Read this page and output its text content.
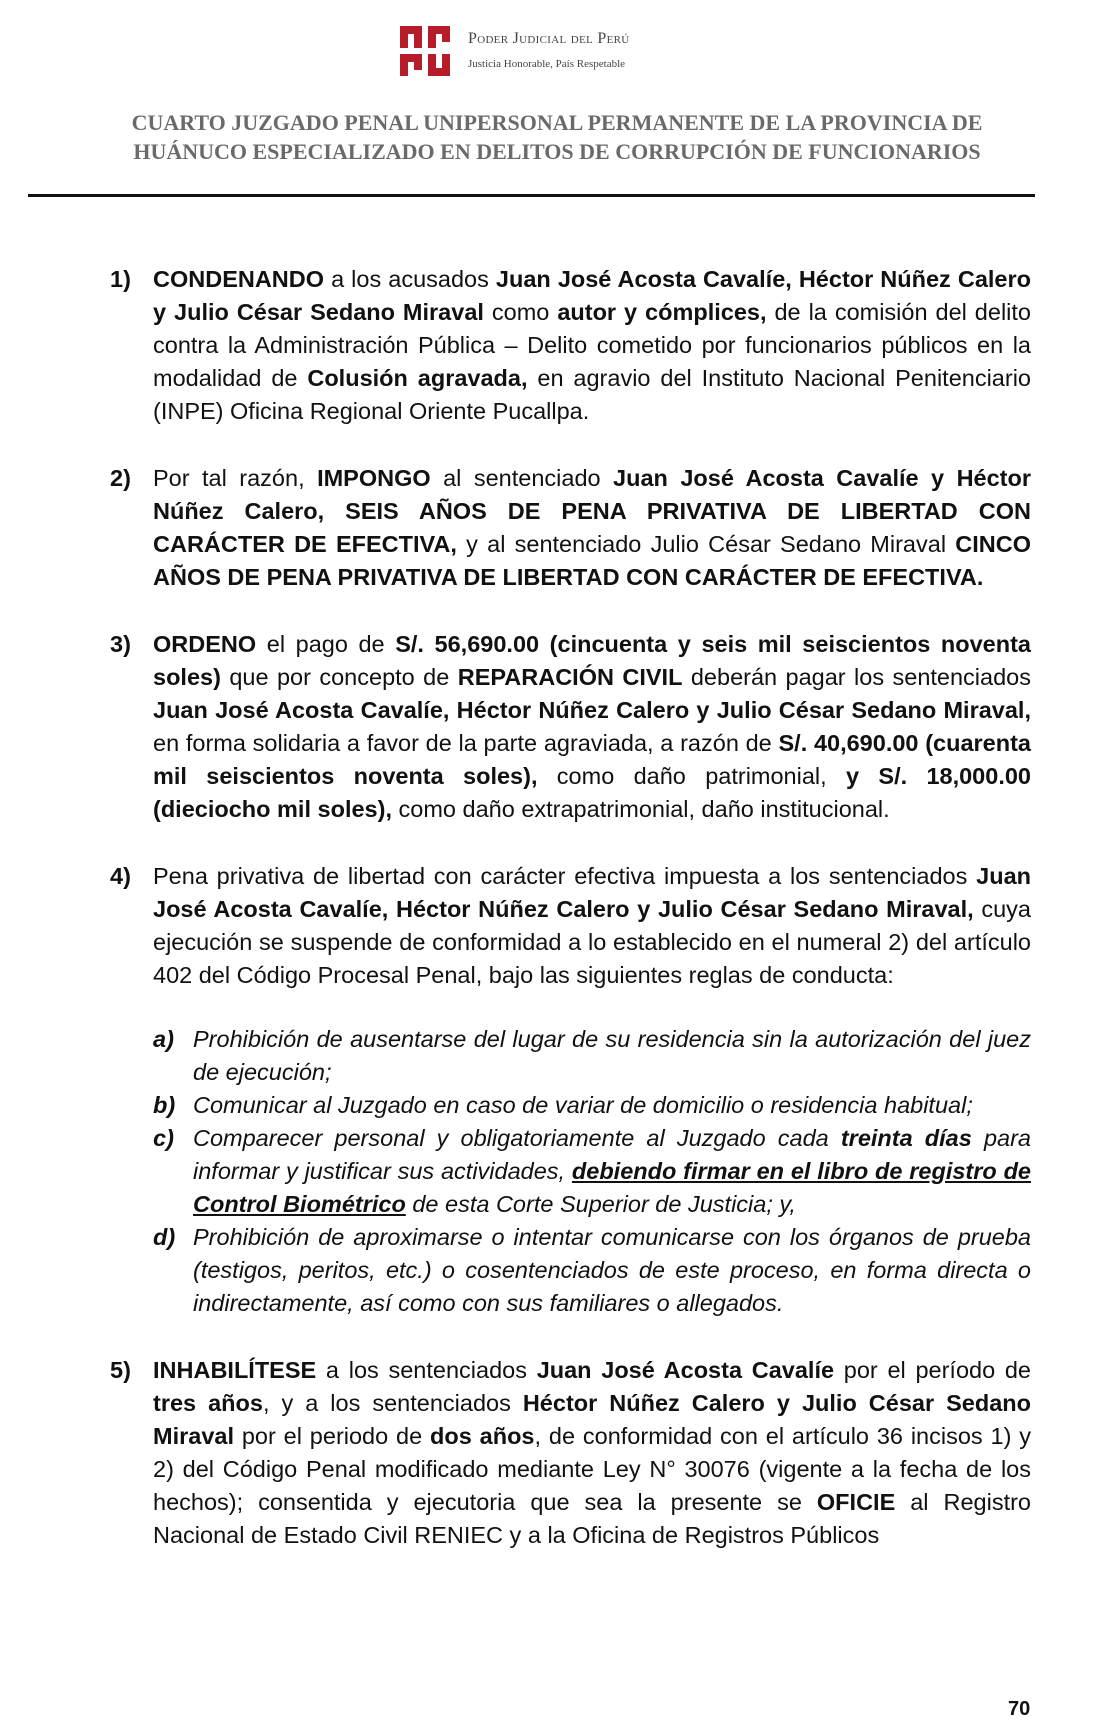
Poder Judicial del Perú
Justicia Honorable, País Respetable
CUARTO JUZGADO PENAL UNIPERSONAL PERMANENTE DE LA PROVINCIA DE
HUÁNUCO ESPECIALIZADO EN DELITOS DE CORRUPCIÓN DE FUNCIONARIOS
1) CONDENANDO a los acusados Juan José Acosta Cavalíe, Héctor Núñez Calero y Julio César Sedano Miraval como autor y cómplices, de la comisión del delito contra la Administración Pública – Delito cometido por funcionarios públicos en la modalidad de Colusión agravada, en agravio del Instituto Nacional Penitenciario (INPE) Oficina Regional Oriente Pucallpa.

2) Por tal razón, IMPONGO al sentenciado Juan José Acosta Cavalíe y Héctor Núñez Calero, SEIS AÑOS DE PENA PRIVATIVA DE LIBERTAD CON CARÁCTER DE EFECTIVA, y al sentenciado Julio César Sedano Miraval CINCO AÑOS DE PENA PRIVATIVA DE LIBERTAD CON CARÁCTER DE EFECTIVA.

3) ORDENO el pago de S/. 56,690.00 (cincuenta y seis mil seiscientos noventa soles) que por concepto de REPARACIÓN CIVIL deberán pagar los sentenciados Juan José Acosta Cavalíe, Héctor Núñez Calero y Julio César Sedano Miraval, en forma solidaria a favor de la parte agraviada, a razón de S/. 40,690.00 (cuarenta mil seiscientos noventa soles), como daño patrimonial, y S/. 18,000.00 (dieciocho mil soles), como daño extrapatrimonial, daño institucional.

4) Pena privativa de libertad con carácter efectiva impuesta a los sentenciados Juan José Acosta Cavalíe, Héctor Núñez Calero y Julio César Sedano Miraval, cuya ejecución se suspende de conformidad a lo establecido en el numeral 2) del artículo 402 del Código Procesal Penal, bajo las siguientes reglas de conducta:

a) Prohibición de ausentarse del lugar de su residencia sin la autorización del juez de ejecución;

b) Comunicar al Juzgado en caso de variar de domicilio o residencia habitual;

c) Comparecer personal y obligatoriamente al Juzgado cada treinta días para informar y justificar sus actividades, debiendo firmar en el libro de registro de Control Biométrico de esta Corte Superior de Justicia; y,

d) Prohibición de aproximarse o intentar comunicarse con los órganos de prueba (testigos, peritos, etc.) o cosentenciados de este proceso, en forma directa o indirectamente, así como con sus familiares o allegados.

5) INHABILÍTESE a los sentenciados Juan José Acosta Cavalíe por el período de tres años, y a los sentenciados Héctor Núñez Calero y Julio César Sedano Miraval por el periodo de dos años, de conformidad con el artículo 36 incisos 1) y 2) del Código Penal modificado mediante Ley N° 30076 (vigente a la fecha de los hechos); consentida y ejecutoria que sea la presente se OFICIE al Registro Nacional de Estado Civil RENIEC y a la Oficina de Registros Públicos

70
